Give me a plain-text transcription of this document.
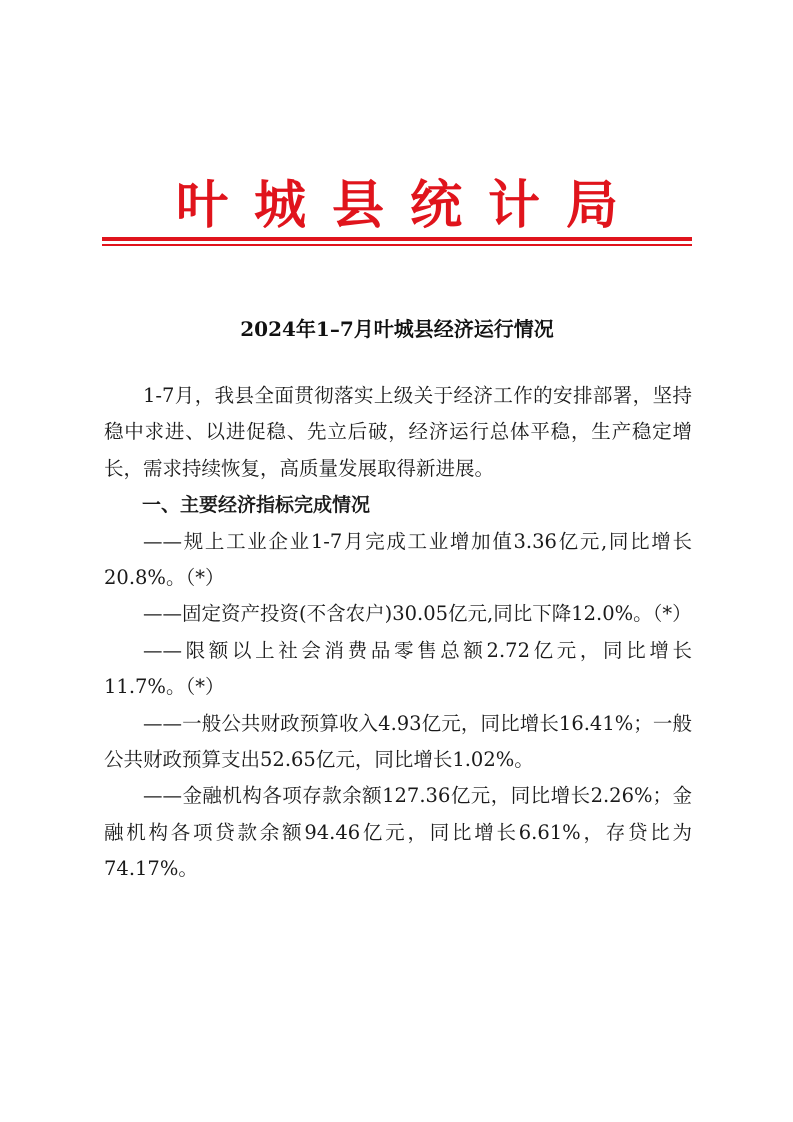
叶城县统计局
2024年1–7月叶城县经济运行情况

1-7月，我县全面贯彻落实上级关于经济工作的安排部署，坚持稳中求进、以进促稳、先立后破，经济运行总体平稳，生产稳定增长，需求持续恢复，高质量发展取得新进展。

一、主要经济指标完成情况

——规上工业企业1-7月完成工业增加值3.36亿元,同比增长20.8%。（*）

——固定资产投资(不含农户)30.05亿元,同比下降12.0%。（*）

——限额以上社会消费品零售总额2.72亿元，同比增长11.7%。（*）

——一般公共财政预算收入4.93亿元，同比增长16.41%；一般公共财政预算支出52.65亿元，同比增长1.02%。

——金融机构各项存款余额127.36亿元，同比增长2.26%；金融机构各项贷款余额94.46亿元，同比增长6.61%，存贷比为74.17%。
